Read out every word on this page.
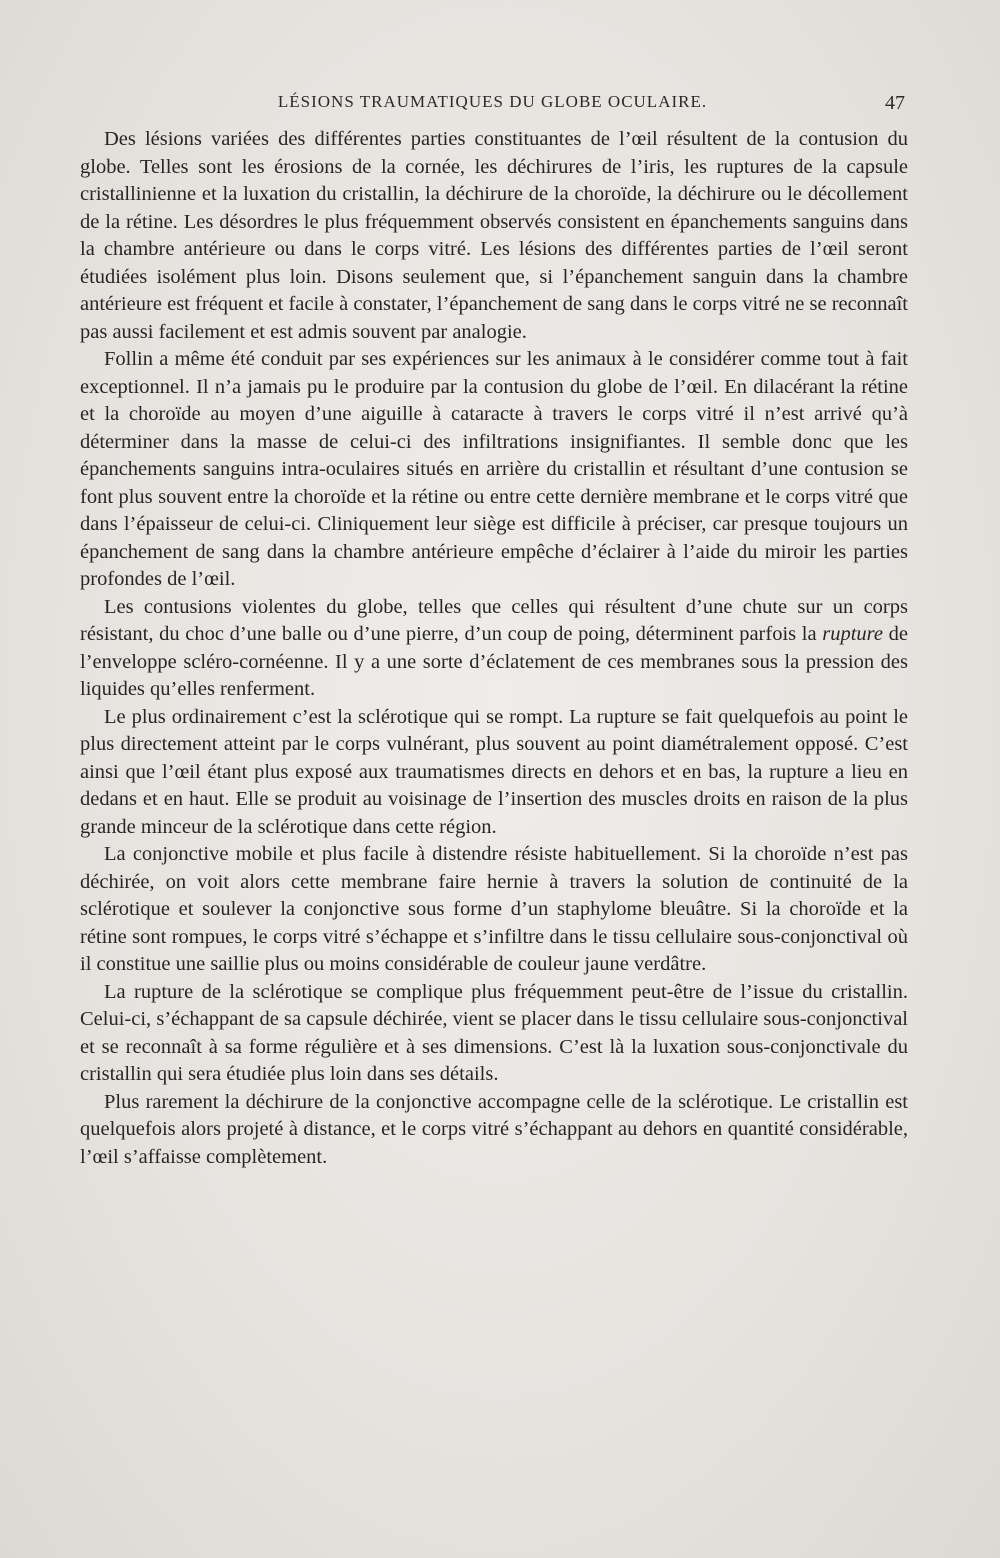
LÉSIONS TRAUMATIQUES DU GLOBE OCULAIRE.	47

Des lésions variées des différentes parties constituantes de l’œil résultent de la contusion du globe. Telles sont les érosions de la cornée, les déchirures de l’iris, les ruptures de la capsule cristallinienne et la luxation du cristallin, la déchirure de la choroïde, la déchirure ou le décollement de la rétine. Les désordres le plus fréquemment observés consistent en épanchements sanguins dans la chambre antérieure ou dans le corps vitré. Les lésions des différentes parties de l’œil seront étudiées isolément plus loin. Disons seulement que, si l’épanchement sanguin dans la chambre antérieure est fréquent et facile à constater, l’épanchement de sang dans le corps vitré ne se reconnaît pas aussi facilement et est admis souvent par analogie.

Follin a même été conduit par ses expériences sur les animaux à le considérer comme tout à fait exceptionnel. Il n’a jamais pu le produire par la contusion du globe de l’œil. En dilacérant la rétine et la choroïde au moyen d’une aiguille à cataracte à travers le corps vitré il n’est arrivé qu’à déterminer dans la masse de celui-ci des infiltrations insignifiantes. Il semble donc que les épanchements sanguins intra-oculaires situés en arrière du cristallin et résultant d’une contusion se font plus souvent entre la choroïde et la rétine ou entre cette dernière membrane et le corps vitré que dans l’épaisseur de celui-ci. Cliniquement leur siège est difficile à préciser, car presque toujours un épanchement de sang dans la chambre antérieure empêche d’éclairer à l’aide du miroir les parties profondes de l’œil.

Les contusions violentes du globe, telles que celles qui résultent d’une chute sur un corps résistant, du choc d’une balle ou d’une pierre, d’un coup de poing, déterminent parfois la rupture de l’enveloppe scléro-cornéenne. Il y a une sorte d’éclatement de ces membranes sous la pression des liquides qu’elles renferment.

Le plus ordinairement c’est la sclérotique qui se rompt. La rupture se fait quelquefois au point le plus directement atteint par le corps vulnérant, plus souvent au point diamétralement opposé. C’est ainsi que l’œil étant plus exposé aux traumatismes directs en dehors et en bas, la rupture a lieu en dedans et en haut. Elle se produit au voisinage de l’insertion des muscles droits en raison de la plus grande minceur de la sclérotique dans cette région.

La conjonctive mobile et plus facile à distendre résiste habituellement. Si la choroïde n’est pas déchirée, on voit alors cette membrane faire hernie à travers la solution de continuité de la sclérotique et soulever la conjonctive sous forme d’un staphylome bleuâtre. Si la choroïde et la rétine sont rompues, le corps vitré s’échappe et s’infiltre dans le tissu cellulaire sous-conjonctival où il constitue une saillie plus ou moins considérable de couleur jaune verdâtre.

La rupture de la sclérotique se complique plus fréquemment peut-être de l’issue du cristallin. Celui-ci, s’échappant de sa capsule déchirée, vient se placer dans le tissu cellulaire sous-conjonctival et se reconnaît à sa forme régulière et à ses dimensions. C’est là la luxation sous-conjonctivale du cristallin qui sera étudiée plus loin dans ses détails.

Plus rarement la déchirure de la conjonctive accompagne celle de la sclérotique. Le cristallin est quelquefois alors projeté à distance, et le corps vitré s’échappant au dehors en quantité considérable, l’œil s’affaisse complètement.
